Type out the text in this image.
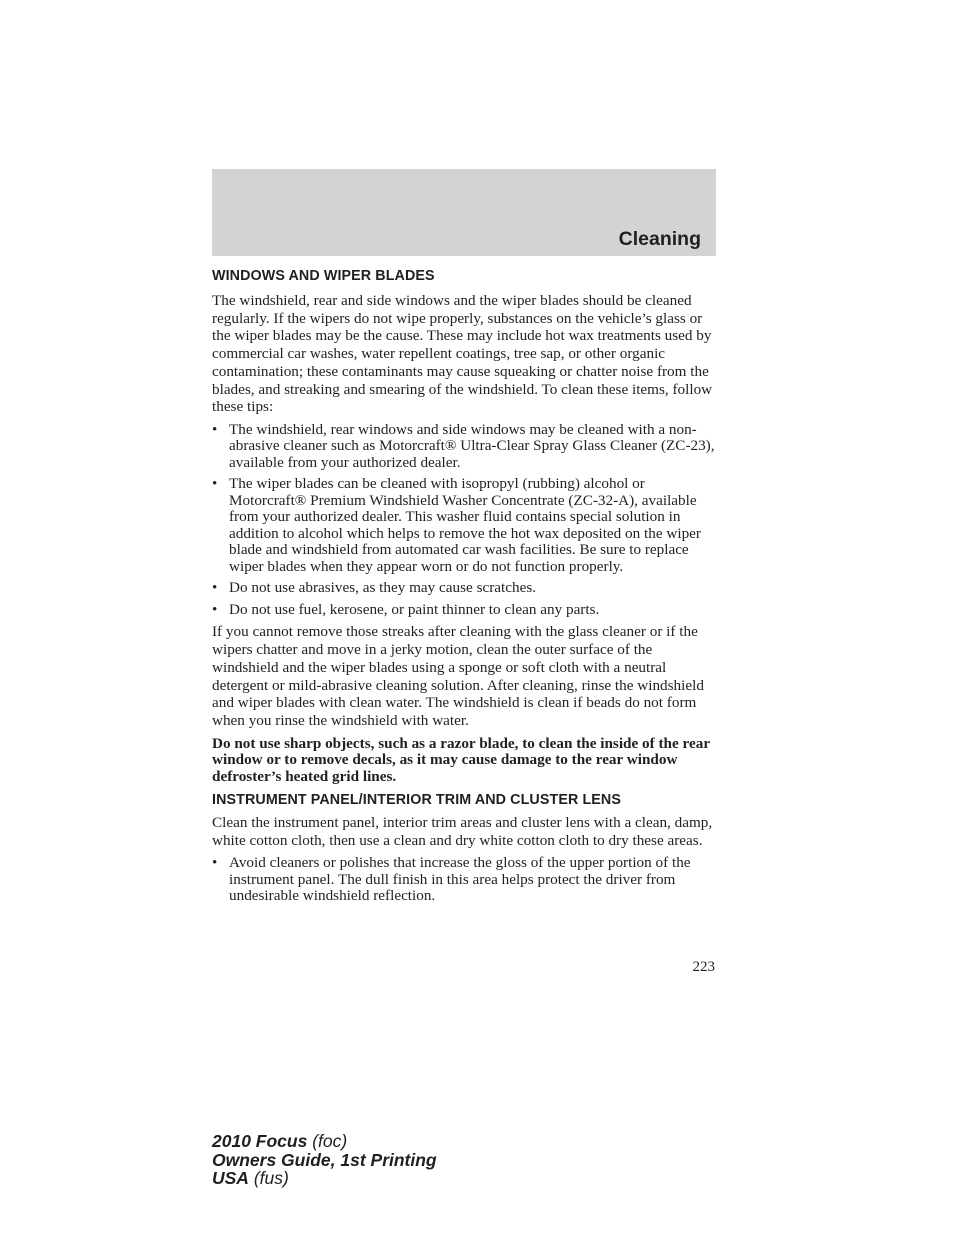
Cleaning
WINDOWS AND WIPER BLADES

The windshield, rear and side windows and the wiper blades should be cleaned regularly. If the wipers do not wipe properly, substances on the vehicle’s glass or the wiper blades may be the cause. These may include hot wax treatments used by commercial car washes, water repellent coatings, tree sap, or other organic contamination; these contaminants may cause squeaking or chatter noise from the blades, and streaking and smearing of the windshield. To clean these items, follow these tips:

• The windshield, rear windows and side windows may be cleaned with a non-abrasive cleaner such as Motorcraft® Ultra-Clear Spray Glass Cleaner (ZC-23), available from your authorized dealer.
• The wiper blades can be cleaned with isopropyl (rubbing) alcohol or Motorcraft® Premium Windshield Washer Concentrate (ZC-32-A), available from your authorized dealer. This washer fluid contains special solution in addition to alcohol which helps to remove the hot wax deposited on the wiper blade and windshield from automated car wash facilities. Be sure to replace wiper blades when they appear worn or do not function properly.
• Do not use abrasives, as they may cause scratches.
• Do not use fuel, kerosene, or paint thinner to clean any parts.

If you cannot remove those streaks after cleaning with the glass cleaner or if the wipers chatter and move in a jerky motion, clean the outer surface of the windshield and the wiper blades using a sponge or soft cloth with a neutral detergent or mild-abrasive cleaning solution. After cleaning, rinse the windshield and wiper blades with clean water. The windshield is clean if beads do not form when you rinse the windshield with water.

Do not use sharp objects, such as a razor blade, to clean the inside of the rear window or to remove decals, as it may cause damage to the rear window defroster’s heated grid lines.

INSTRUMENT PANEL/INTERIOR TRIM AND CLUSTER LENS

Clean the instrument panel, interior trim areas and cluster lens with a clean, damp, white cotton cloth, then use a clean and dry white cotton cloth to dry these areas.

• Avoid cleaners or polishes that increase the gloss of the upper portion of the instrument panel. The dull finish in this area helps protect the driver from undesirable windshield reflection.
223
2010 Focus (foc)
Owners Guide, 1st Printing
USA (fus)
